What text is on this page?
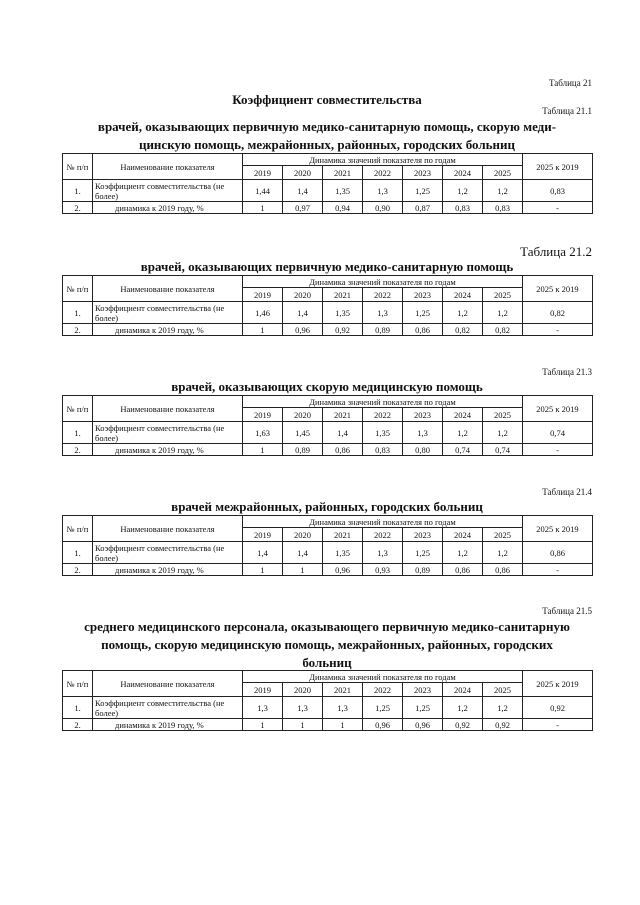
Таблица 21
Коэффициент совместительства
Таблица 21.1
врачей, оказывающих первичную медико-санитарную помощь, скорую меди-
цинскую помощь, межрайонных, районных, городских больниц
№ п/п	Наименование показателя	Динамика значений показателя по годам							2025 к 2019
		2019	2020	2021	2022	2023	2024	2025	
1.	Коэффициент совместительства (не более)	1,44	1,4	1,35	1,3	1,25	1,2	1,2	0,83
2.	динамика к 2019 году, %	1	0,97	0,94	0,90	0,87	0,83	0,83	-
Таблица 21.2
врачей, оказывающих первичную медико-санитарную помощь
№ п/п	Наименование показателя	Динамика значений показателя по годам							2025 к 2019
		2019	2020	2021	2022	2023	2024	2025	
1.	Коэффициент совместительства (не более)	1,46	1,4	1,35	1,3	1,25	1,2	1,2	0,82
2.	динамика к 2019 году, %	1	0,96	0,92	0,89	0,86	0,82	0,82	-
Таблица 21.3
врачей, оказывающих скорую медицинскую помощь
№ п/п	Наименование показателя	Динамика значений показателя по годам							2025 к 2019
		2019	2020	2021	2022	2023	2024	2025	
1.	Коэффициент совместительства (не более)	1,63	1,45	1,4	1,35	1,3	1,2	1,2	0,74
2.	динамика к 2019 году, %	1	0,89	0,86	0,83	0,80	0,74	0,74	-
Таблица 21.4
врачей межрайонных, районных, городских больниц
№ п/п	Наименование показателя	Динамика значений показателя по годам							2025 к 2019
		2019	2020	2021	2022	2023	2024	2025	
1.	Коэффициент совместительства (не более)	1,4	1,4	1,35	1,3	1,25	1,2	1,2	0,86
2.	динамика к 2019 году, %	1	1	0,96	0,93	0,89	0,86	0,86	-
Таблица 21.5
среднего медицинского персонала, оказывающего первичную медико-санитарную
помощь, скорую медицинскую помощь, межрайонных, районных, городских
больниц
№ п/п	Наименование показателя	Динамика значений показателя по годам							2025 к 2019
		2019	2020	2021	2022	2023	2024	2025	
1.	Коэффициент совместительства (не более)	1,3	1,3	1,3	1,25	1,25	1,2	1,2	0,92
2.	динамика к 2019 году, %	1	1	1	0,96	0,96	0,92	0,92	-
